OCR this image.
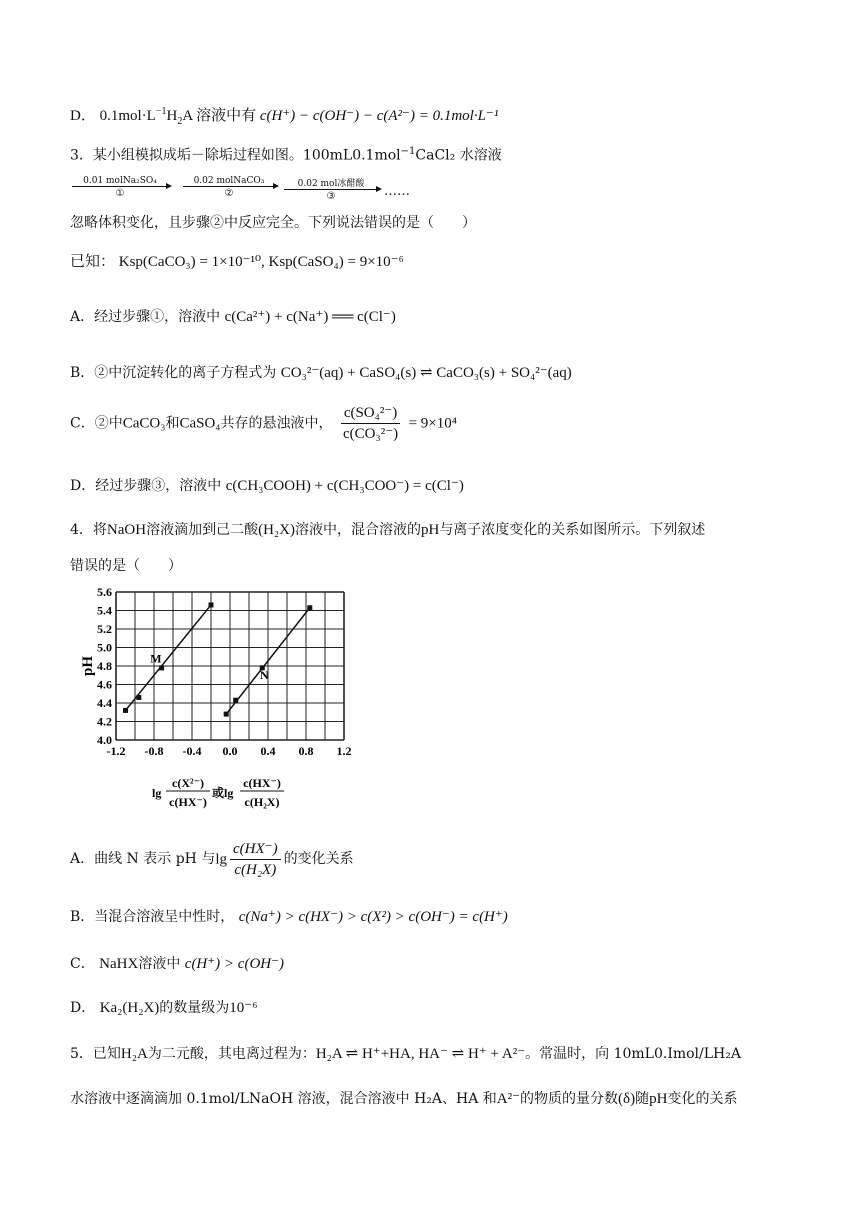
D． $0.1mol\cdot L^{-1}H_2A$ 溶液中有 c(H⁺) − c(OH⁻) − c(A²⁻) = 0.1mol·L⁻¹
3．某小组模拟成垢－除垢过程如图。100mL0.1mol$^{-1}$CaCl₂ 水溶液
0.01 molNa₂SO₄
①
0.02 molNaCO₃
②
0.02 mol冰醋酸
③	……
忽略体积变化，且步骤②中反应完全。下列说法错误的是（　　）
已知： Ksp(CaCO₃) = 1×10⁻¹⁰, Ksp(CaSO₄) = 9×10⁻⁶
A．经过步骤①，溶液中 c(Ca²⁺) + c(Na⁺) ══ c(Cl⁻)
B．②中沉淀转化的离子方程式为 CO₃²⁻(aq) + CaSO₄(s) ⇌ CaCO₃(s) + SO₄²⁻(aq)
C．②中CaCO₃和CaSO₄共存的悬浊液中， $\frac{\text{c(SO₄²⁻)}}{\text{c(CO₃²⁻)}} = 9\times 10^4$
D．经过步骤③，溶液中 c(CH₃COOH) + c(CH₃COO⁻) = c(Cl⁻)
4．将NaOH溶液滴加到己二酸(H₂X)溶液中，混合溶液的pH与离子浓度变化的关系如图所示。下列叙述
错误的是（　　）
4.0
4.2
4.4
4.6
4.8
5.0
5.2
5.4
5.6
-1.2 -0.8 -0.4 0.0 0.4 0.8 1.2
M
N
pH
lg
c(X²⁻)
c(HX⁻)
或lg
c(HX⁻)
c(H₂X)
A．曲线 N 表示 pH 与$\lg \frac{c(HX^-)}{\text{c(H₂X)}}$ 的变化关系
B．当混合溶液呈中性时， c(Na⁺) > c(HX⁻) > c(X²) > c(OH⁻) = c(H⁺)
C． NaHX溶液中 c(H⁺) > c(OH⁻)
D． Ka₂(H₂X)的数量级为10⁻⁶
5．已知H₂A为二元酸，其电离过程为：H₂A ⇌ H⁺+HA, HA⁻ ⇌ H⁺ + A²⁻。常温时，向 10mL0.Imol/LH₂A
水溶液中逐滴滴加 0.1mol/LNaOH 溶液，混合溶液中 H₂A、HA 和A²⁻的物质的量分数(δ)随pH变化的关系
